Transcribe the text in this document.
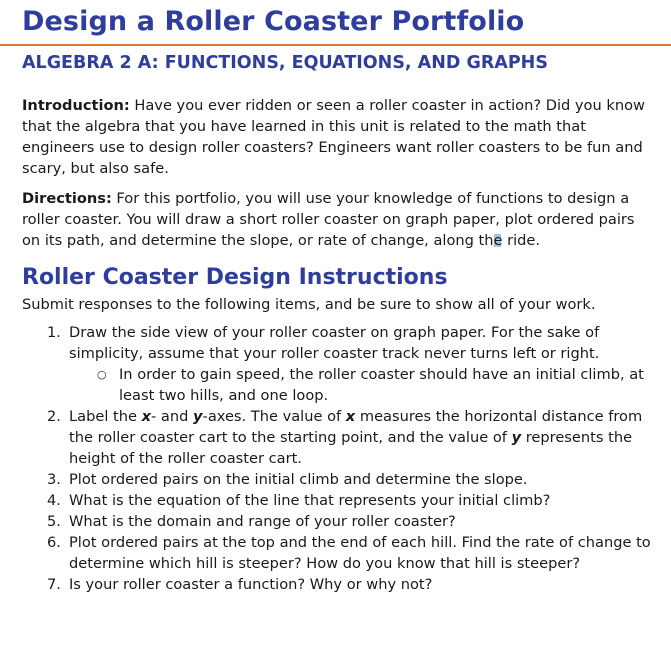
Design a Roller Coaster Portfolio
ALGEBRA 2 A: FUNCTIONS, EQUATIONS, AND GRAPHS
Introduction: Have you ever ridden or seen a roller coaster in action? Did you know that the algebra that you have learned in this unit is related to the math that engineers use to design roller coasters? Engineers want roller coasters to be fun and scary, but also safe.
Directions: For this portfolio, you will use your knowledge of functions to design a roller coaster. You will draw a short roller coaster on graph paper, plot ordered pairs on its path, and determine the slope, or rate of change, along the ride.
Roller Coaster Design Instructions
Submit responses to the following items, and be sure to show all of your work.
1. Draw the side view of your roller coaster on graph paper. For the sake of simplicity, assume that your roller coaster track never turns left or right.
○ In order to gain speed, the roller coaster should have an initial climb, at least two hills, and one loop.
2. Label the x- and y-axes. The value of x measures the horizontal distance from the roller coaster cart to the starting point, and the value of y represents the height of the roller coaster cart.
3. Plot ordered pairs on the initial climb and determine the slope.
4. What is the equation of the line that represents your initial climb?
5. What is the domain and range of your roller coaster?
6. Plot ordered pairs at the top and the end of each hill. Find the rate of change to determine which hill is steeper? How do you know that hill is steeper?
7. Is your roller coaster a function? Why or why not?
